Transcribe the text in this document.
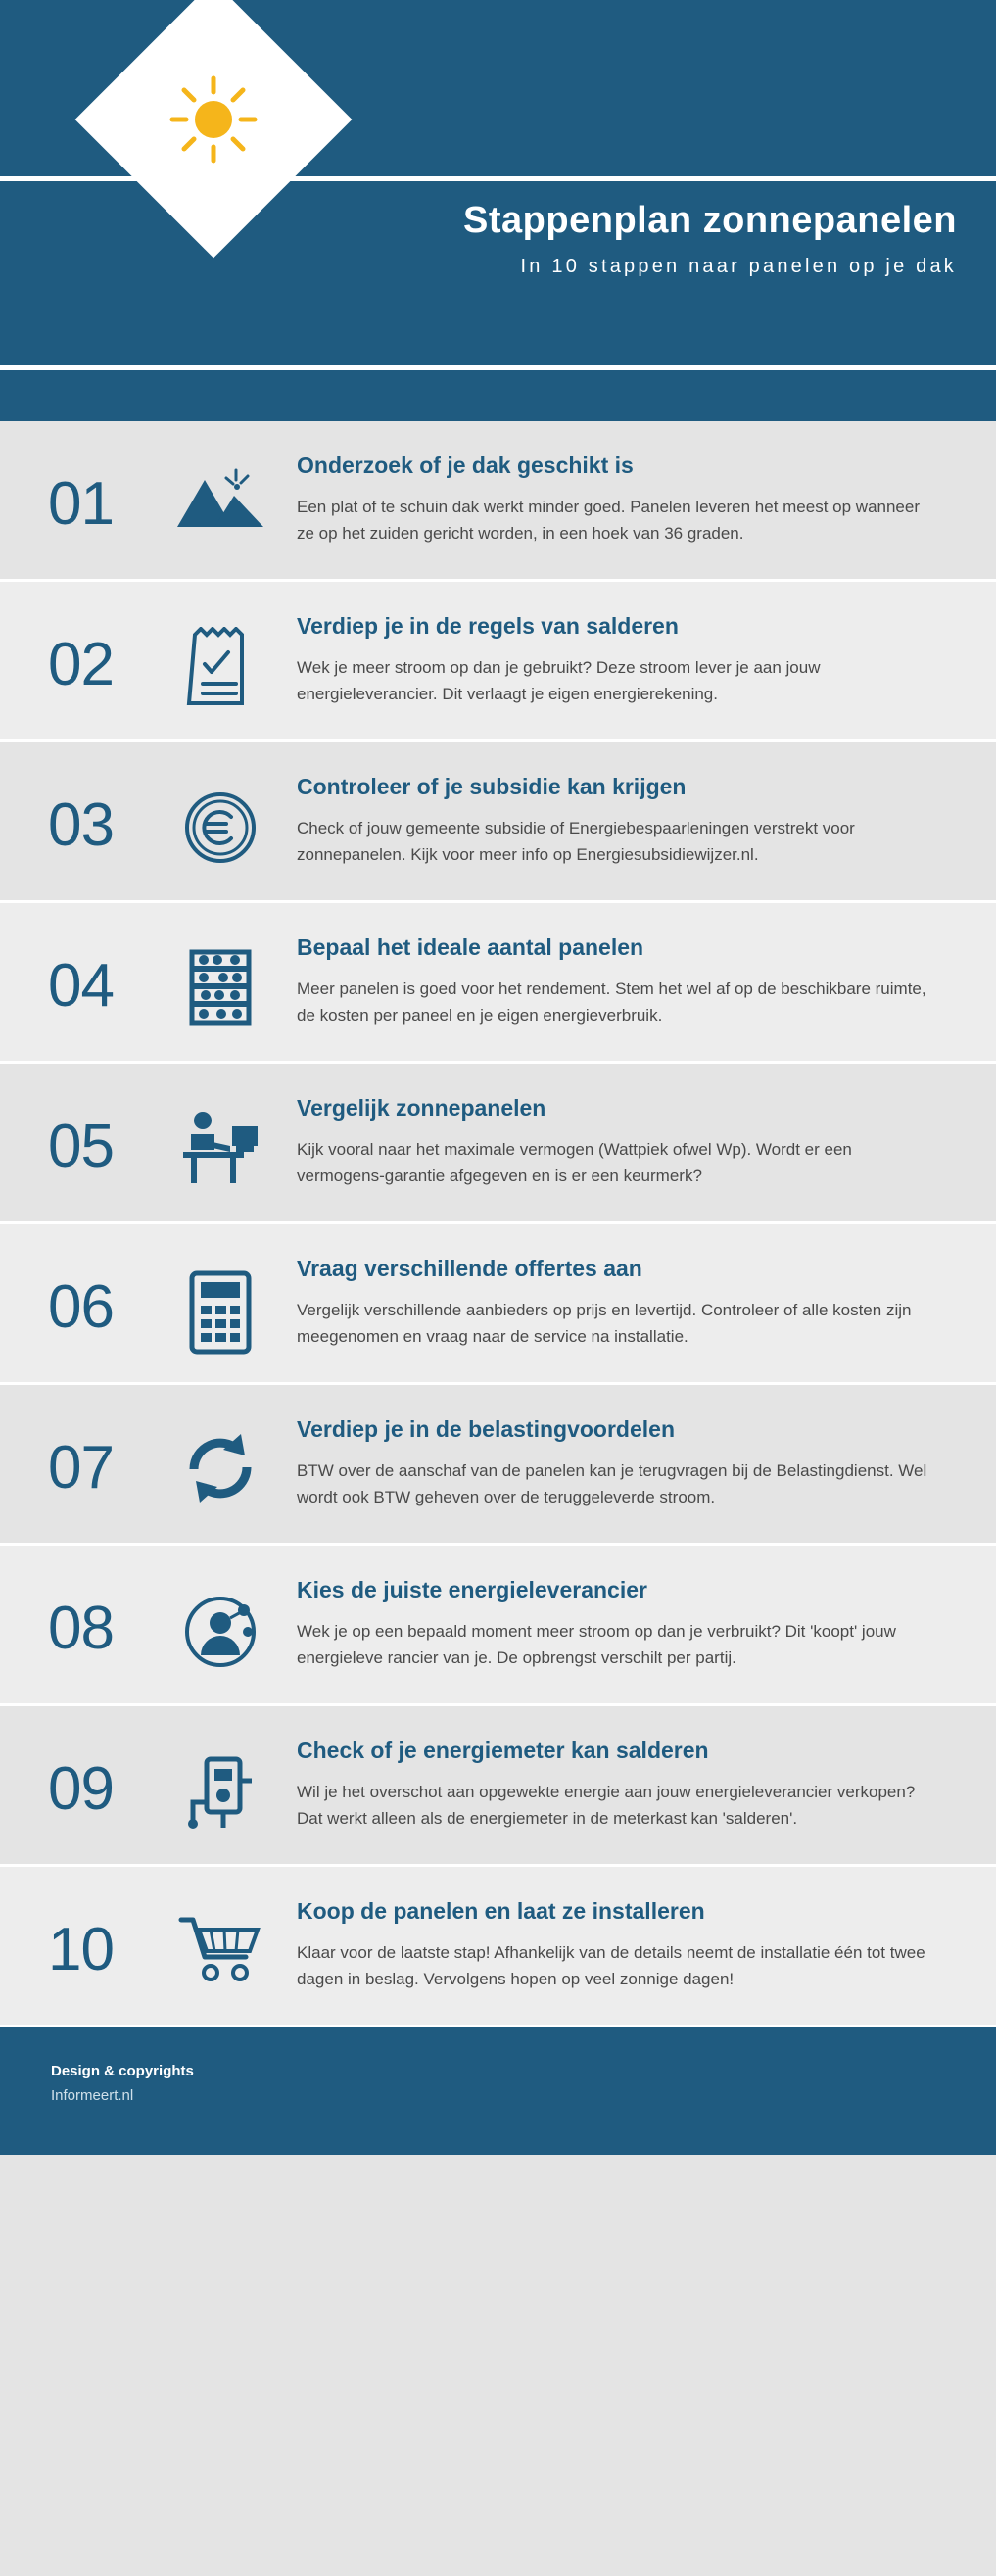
Stappenplan zonnepanelen
In 10 stappen naar panelen op je dak
01
Onderzoek of je dak geschikt is
Een plat of te schuin dak werkt minder goed. Panelen leveren het meest op wanneer ze op het zuiden gericht worden, in een hoek van 36 graden.
02
Verdiep je in de regels van salderen
Wek je meer stroom op dan je gebruikt? Deze stroom lever je aan jouw energieleverancier. Dit verlaagt je eigen energierekening.
03
Controleer of je subsidie kan krijgen
Check of jouw gemeente subsidie of Energiebespaarleningen verstrekt voor zonnepanelen. Kijk voor meer info op Energiesubsidiewijzer.nl.
04
Bepaal het ideale aantal panelen
Meer panelen is goed voor het rendement. Stem het wel af op de beschikbare ruimte, de kosten per paneel en je eigen energieverbruik.
05
Vergelijk zonnepanelen
Kijk vooral naar het maximale vermogen (Wattpiek ofwel Wp). Wordt er een vermogens-garantie afgegeven en is er een keurmerk?
06
Vraag verschillende offertes aan
Vergelijk verschillende aanbieders op prijs en levertijd. Controleer of alle kosten zijn meegenomen en vraag naar de service na installatie.
07
Verdiep je in de belastingvoordelen
BTW over de aanschaf van de panelen kan je terugvragen bij de Belastingdienst. Wel wordt ook BTW geheven over de teruggeleverde stroom.
08
Kies de juiste energieleverancier
Wek je op een bepaald moment meer stroom op dan je verbruikt? Dit 'koopt' jouw energieleve rancier van je. De opbrengst verschilt per partij.
09
Check of je energiemeter kan salderen
Wil je het overschot aan opgewekte energie aan jouw energieleverancier verkopen? Dat werkt alleen als de energiemeter in de meterkast kan 'salderen'.
10
Koop de panelen en laat ze installeren
Klaar voor de laatste stap! Afhankelijk van de details neemt de installatie één tot twee dagen in beslag. Vervolgens hopen op veel zonnige dagen!
Design & copyrights
Informeert.nl
